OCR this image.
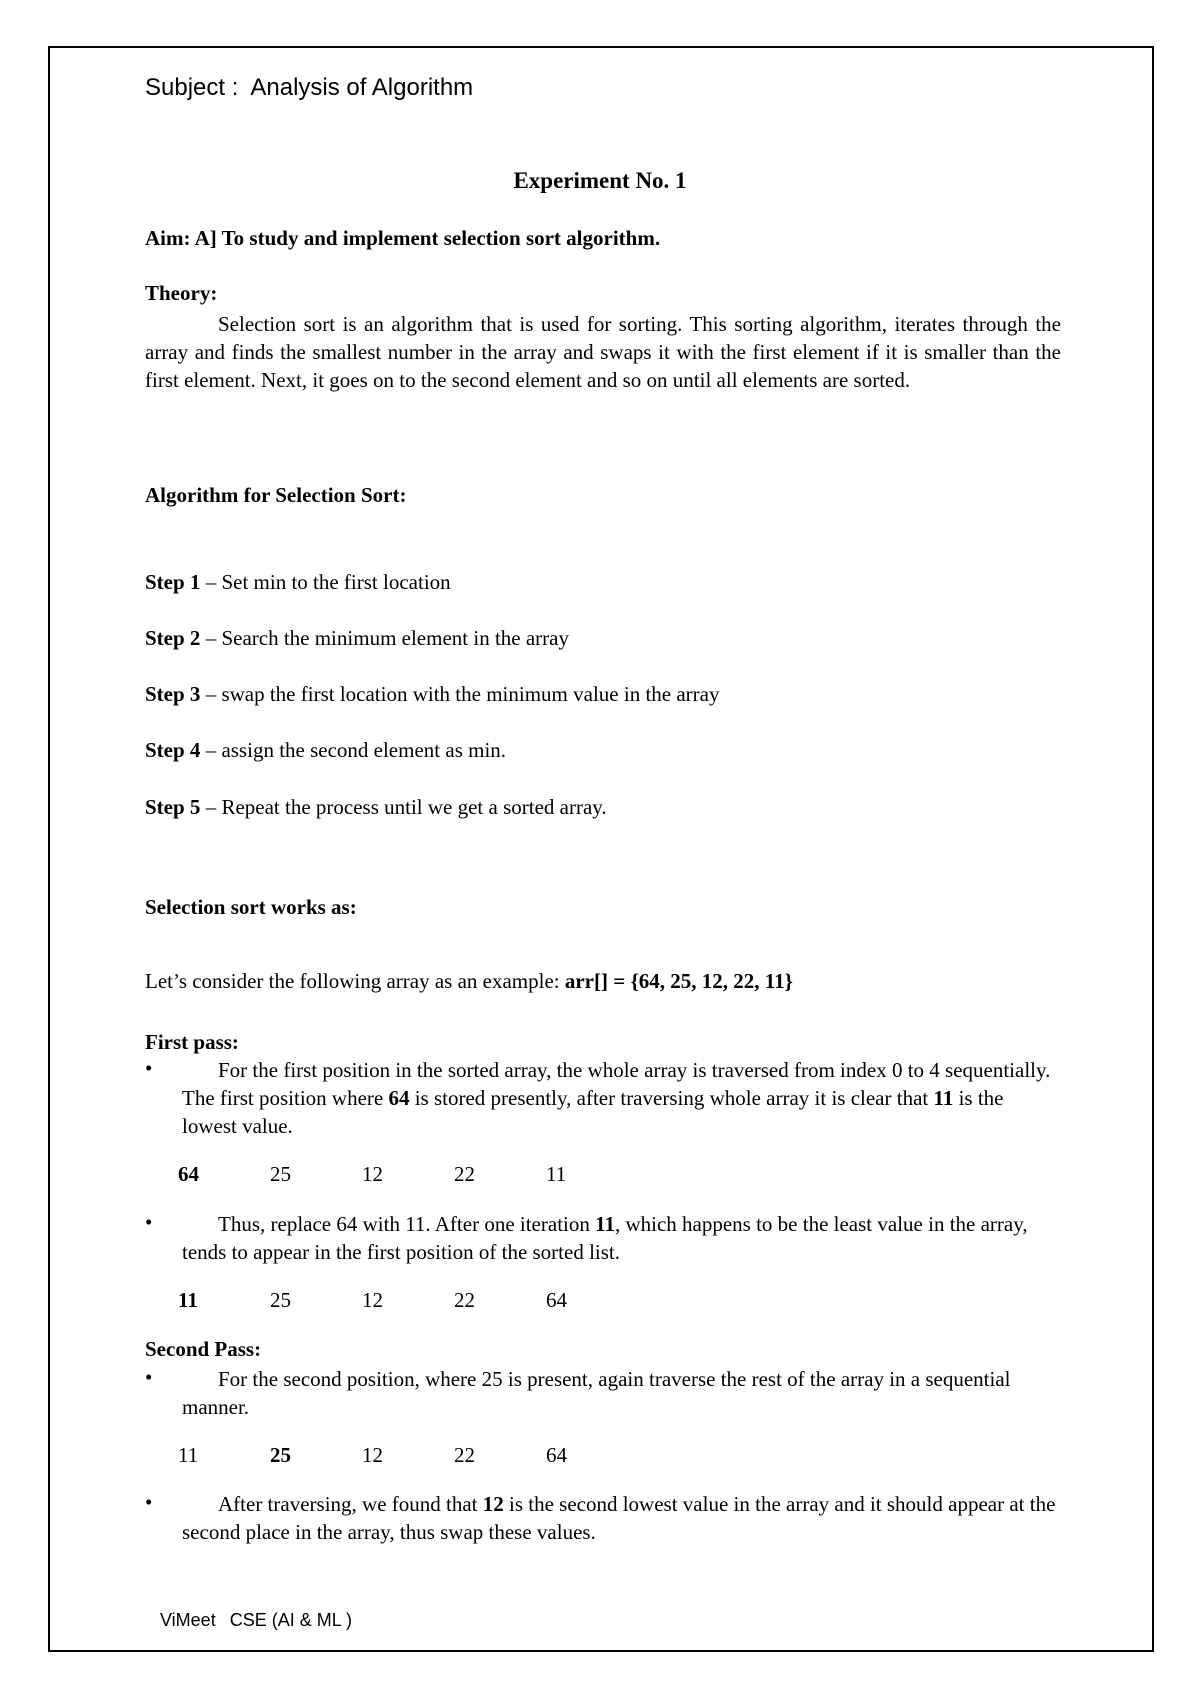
Subject : Analysis of Algorithm
Experiment No. 1
Aim: A] To study and implement selection sort algorithm.
Theory:
Selection sort is an algorithm that is used for sorting. This sorting algorithm, iterates through the array and finds the smallest number in the array and swaps it with the first element if it is smaller than the first element. Next, it goes on to the second element and so on until all elements are sorted.
Algorithm for Selection Sort:
Step 1 – Set min to the first location
Step 2 – Search the minimum element in the array
Step 3 – swap the first location with the minimum value in the array
Step 4 – assign the second element as min.
Step 5 – Repeat the process until we get a sorted array.
Selection sort works as:
Let’s consider the following array as an example: arr[] = {64, 25, 12, 22, 11}
First pass:
•	For the first position in the sorted array, the whole array is traversed from index 0 to 4 sequentially. The first position where 64 is stored presently, after traversing whole array it is clear that 11 is the lowest value.
64	25	12	22	11
•	Thus, replace 64 with 11. After one iteration 11, which happens to be the least value in the array, tends to appear in the first position of the sorted list.
11	25	12	22	64
Second Pass:
•	For the second position, where 25 is present, again traverse the rest of the array in a sequential manner.
11	25	12	22	64
•	After traversing, we found that 12 is the second lowest value in the array and it should appear at the second place in the array, thus swap these values.
ViMeet CSE (AI & ML )
